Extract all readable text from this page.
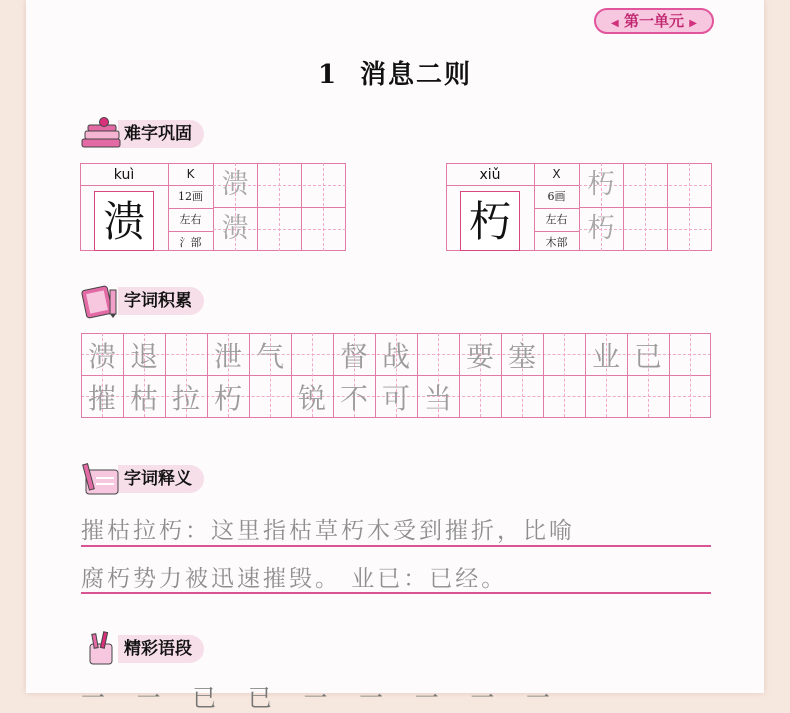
◀ 第一单元 ▶
1 消息二则
难字巩固
kuì
溃
K
12画
左右
氵部
溃
溃
xiǔ
朽
X
6画
左右
木部
朽
朽
字词积累
溃 退 泄 气 督 战 要 塞 业 已
摧 枯 拉 朽 锐 不 可 当
字词释义
摧枯拉朽：这里指枯草朽木受到摧折，比喻
腐朽势力被迅速摧毁。 业已：已经。
精彩语段
一 一 已 已 一 一 一 一 一
